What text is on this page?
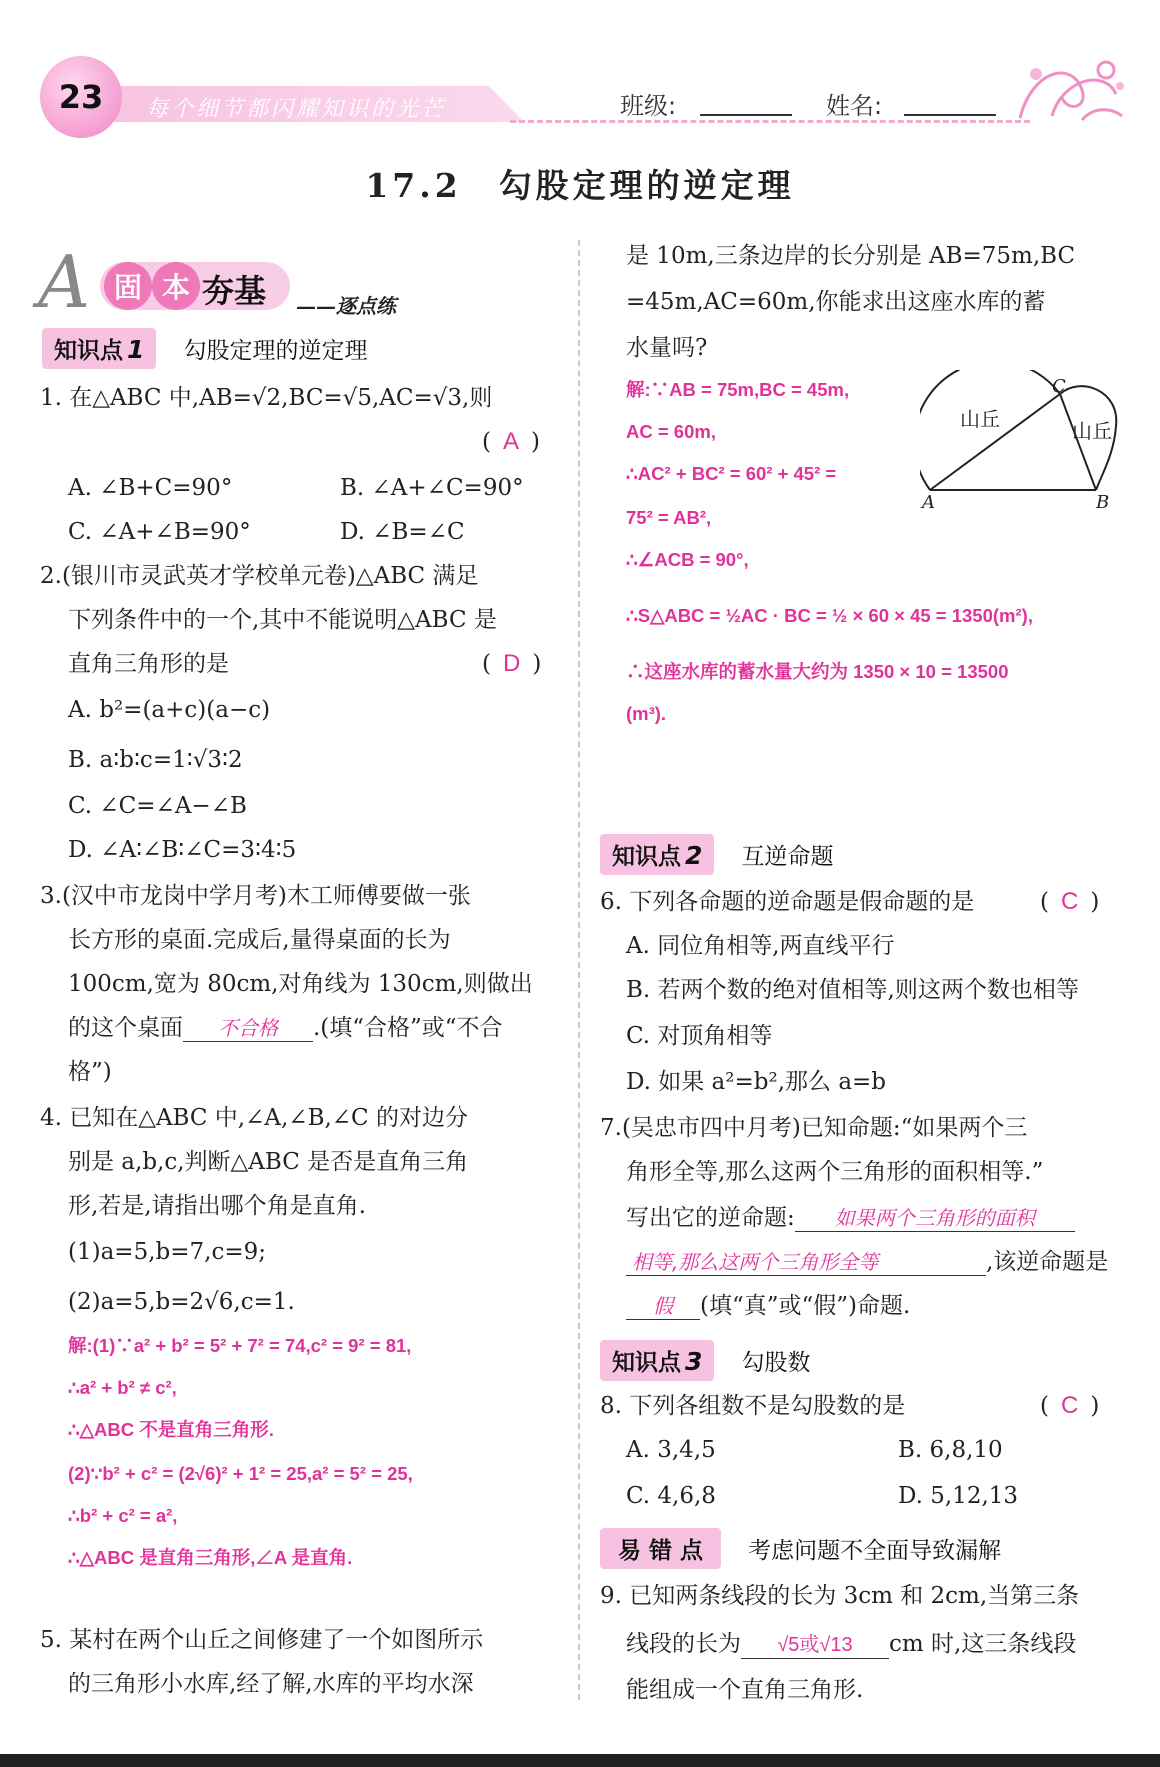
23	每个细节都闪耀知识的光芒	班级:	姓名:
17.2　勾股定理的逆定理
A 固 本 夯基 ——逐点练
知识点 1 勾股定理的逆定理
1. 在△ABC 中,AB=√2,BC=√5,AC=√3,则
( A )
A. ∠B+C=90°	B. ∠A+∠C=90°
C. ∠A+∠B=90°	D. ∠B=∠C
2.(银川市灵武英才学校单元卷)△ABC 满足
下列条件中的一个,其中不能说明△ABC 是
直角三角形的是	( D )
A. b²=(a+c)(a−c)
B. a∶b∶c=1∶√3∶2
C. ∠C=∠A−∠B
D. ∠A∶∠B∶∠C=3∶4∶5
3.(汉中市龙岗中学月考)木工师傅要做一张
长方形的桌面.完成后,量得桌面的长为
100cm,宽为 80cm,对角线为 130cm,则做出
的这个桌面 不合格 .(填“合格”或“不合
格”)
4. 已知在△ABC 中,∠A,∠B,∠C 的对边分
别是 a,b,c,判断△ABC 是否是直角三角
形,若是,请指出哪个角是直角.
(1)a=5,b=7,c=9;
(2)a=5,b=2√6,c=1.
解:(1)∵a² + b² = 5² + 7² = 74,c² = 9² = 81,
∴a² + b² ≠ c²,
∴△ABC 不是直角三角形.
(2)∵b² + c² = (2√6)² + 1² = 25,a² = 5² = 25,
∴b² + c² = a²,
∴△ABC 是直角三角形,∠A 是直角.
5. 某村在两个山丘之间修建了一个如图所示
的三角形小水库,经了解,水库的平均水深
是 10m,三条边岸的长分别是 AB=75m,BC
=45m,AC=60m,你能求出这座水库的蓄
水量吗?
解:∵AB = 75m,BC = 45m,
AC = 60m,
∴AC² + BC² = 60² + 45² =
75² = AB²,
∴∠ACB = 90°,
∴S△ABC = ½AC · BC = ½ × 60 × 45 = 1350(m²),
∴这座水库的蓄水量大约为 1350 × 10 = 13500
(m³).
山丘	山丘
A	B
C
知识点 2 互逆命题
6. 下列各命题的逆命题是假命题的是	( C )
A. 同位角相等,两直线平行
B. 若两个数的绝对值相等,则这两个数也相等
C. 对顶角相等
D. 如果 a²=b²,那么 a=b
7.(吴忠市四中月考)已知命题:“如果两个三
角形全等,那么这两个三角形的面积相等.”
写出它的逆命题: 如果两个三角形的面积
相等,那么这两个三角形全等	,该逆命题是
假 (填“真”或“假”)命题.
知识点 3 勾股数
8. 下列各组数不是勾股数的是	( C )
A. 3,4,5	B. 6,8,10
C. 4,6,8	D. 5,12,13
易 错 点 考虑问题不全面导致漏解
9. 已知两条线段的长为 3cm 和 2cm,当第三条
线段的长为 √5或√13 cm 时,这三条线段
能组成一个直角三角形.
